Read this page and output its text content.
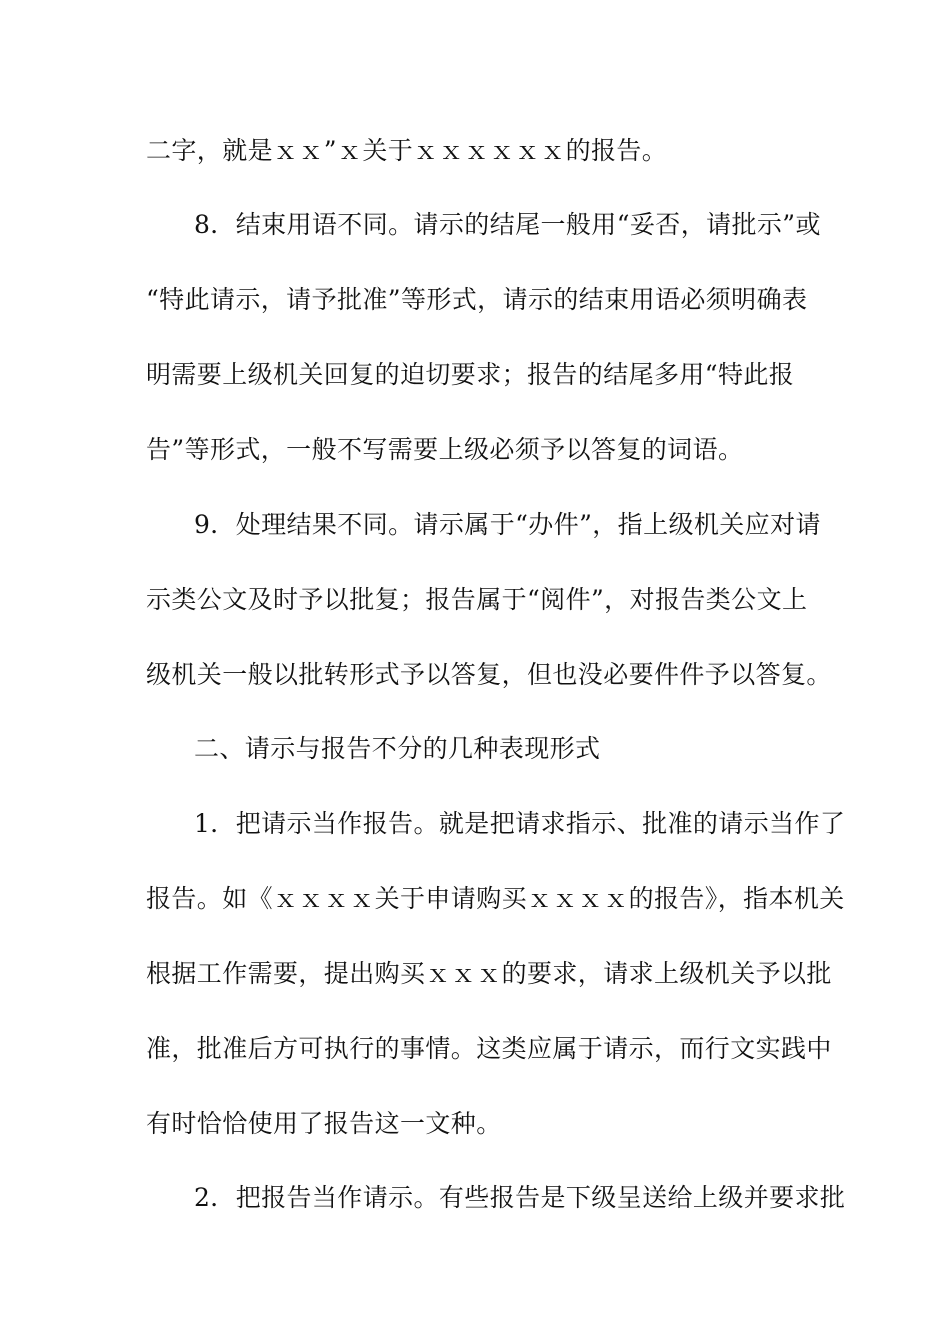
二字，就是ｘｘ”ｘ关于ｘｘｘｘｘｘ的报告。
8．结束用语不同。请示的结尾一般用“妥否，请批示”或
“特此请示，请予批准”等形式，请示的结束用语必须明确表
明需要上级机关回复的迫切要求；报告的结尾多用“特此报
告”等形式，一般不写需要上级必须予以答复的词语。
9．处理结果不同。请示属于“办件”，指上级机关应对请
示类公文及时予以批复；报告属于“阅件”，对报告类公文上
级机关一般以批转形式予以答复，但也没必要件件予以答复。
二、请示与报告不分的几种表现形式
1．把请示当作报告。就是把请求指示、批准的请示当作了
报告。如《ｘｘｘｘ关于申请购买ｘｘｘｘ的报告》，指本机关
根据工作需要，提出购买ｘｘｘ的要求，请求上级机关予以批
准，批准后方可执行的事情。这类应属于请示，而行文实践中
有时恰恰使用了报告这一文种。
2．把报告当作请示。有些报告是下级呈送给上级并要求批
